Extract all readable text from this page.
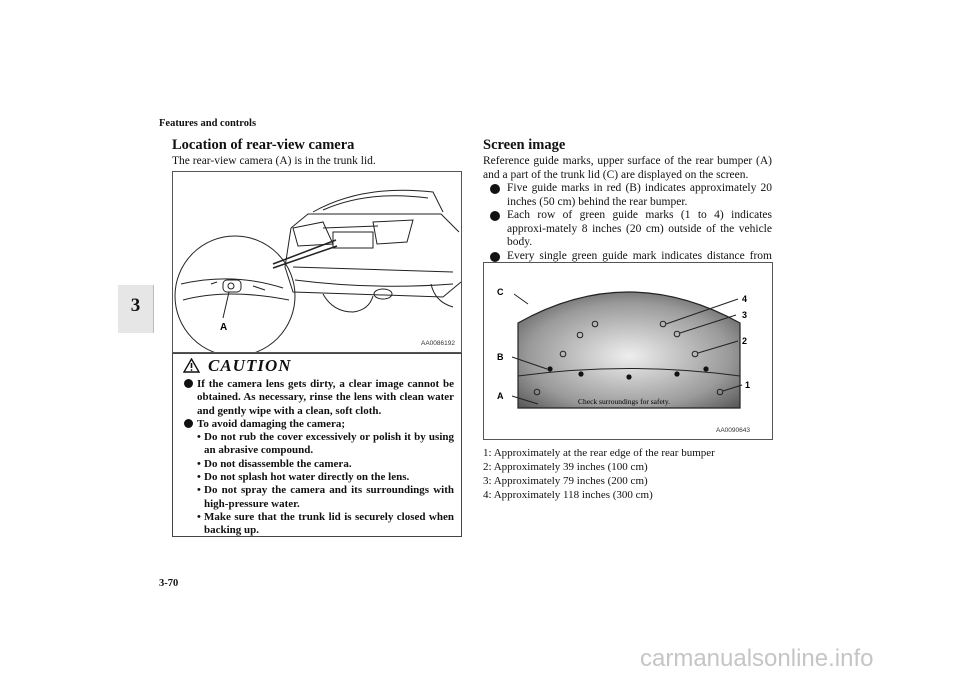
Features and controls
3
Location of rear-view camera

The rear-view camera (A) is in the trunk lid.

A
AA0086192
CAUTION
If the camera lens gets dirty, a clear image cannot be obtained. As necessary, rinse the lens with clean water and gently wipe with a clean, soft cloth.
To avoid damaging the camera;
• Do not rub the cover excessively or polish it by using an abrasive compound.
• Do not disassemble the camera.
• Do not splash hot water directly on the lens.
• Do not spray the camera and its surroundings with high-pressure water.
• Make sure that the trunk lid is securely closed when backing up.
Screen image

Reference guide marks, upper surface of the rear bumper (A) and a part of the trunk lid (C) are displayed on the screen.

Five guide marks in red (B) indicates approximately 20 inches (50 cm) behind the rear bumper.
Each row of green guide marks (1 to 4) indicates approxi-mately 8 inches (20 cm) outside of the vehicle body.
Every single green guide mark indicates distance from
C
B
A
4
3
2
1
Check surroundings for safety.
AA0090643
1: Approximately at the rear edge of the rear bumper
2: Approximately 39 inches (100 cm)
3: Approximately 79 inches (200 cm)
4: Approximately 118 inches (300 cm)
3-70
carmanualsonline.info
